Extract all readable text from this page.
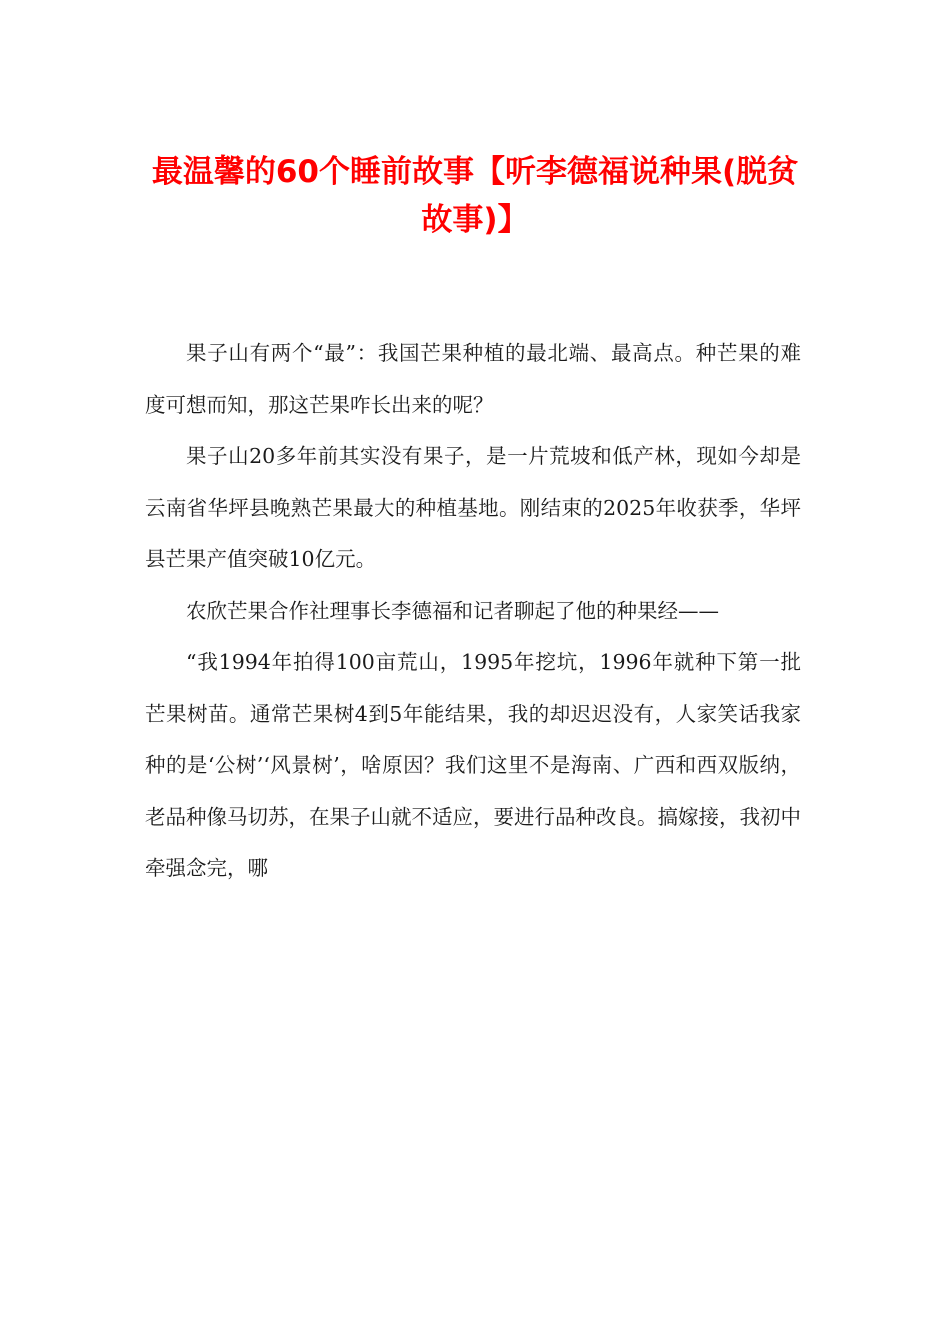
最温馨的60个睡前故事【听李德福说种果(脱贫故事)】

果子山有两个“最”：我国芒果种植的最北端、最高点。种芒果的难度可想而知，那这芒果咋长出来的呢？

果子山20多年前其实没有果子，是一片荒坡和低产林，现如今却是云南省华坪县晚熟芒果最大的种植基地。刚结束的2025年收获季，华坪县芒果产值突破10亿元。

农欣芒果合作社理事长李德福和记者聊起了他的种果经——

“我1994年拍得100亩荒山，1995年挖坑，1996年就种下第一批芒果树苗。通常芒果树4到5年能结果，我的却迟迟没有，人家笑话我家种的是‘公树’‘风景树’，啥原因？我们这里不是海南、广西和西双版纳，老品种像马切苏，在果子山就不适应，要进行品种改良。搞嫁接，我初中牵强念完，哪
